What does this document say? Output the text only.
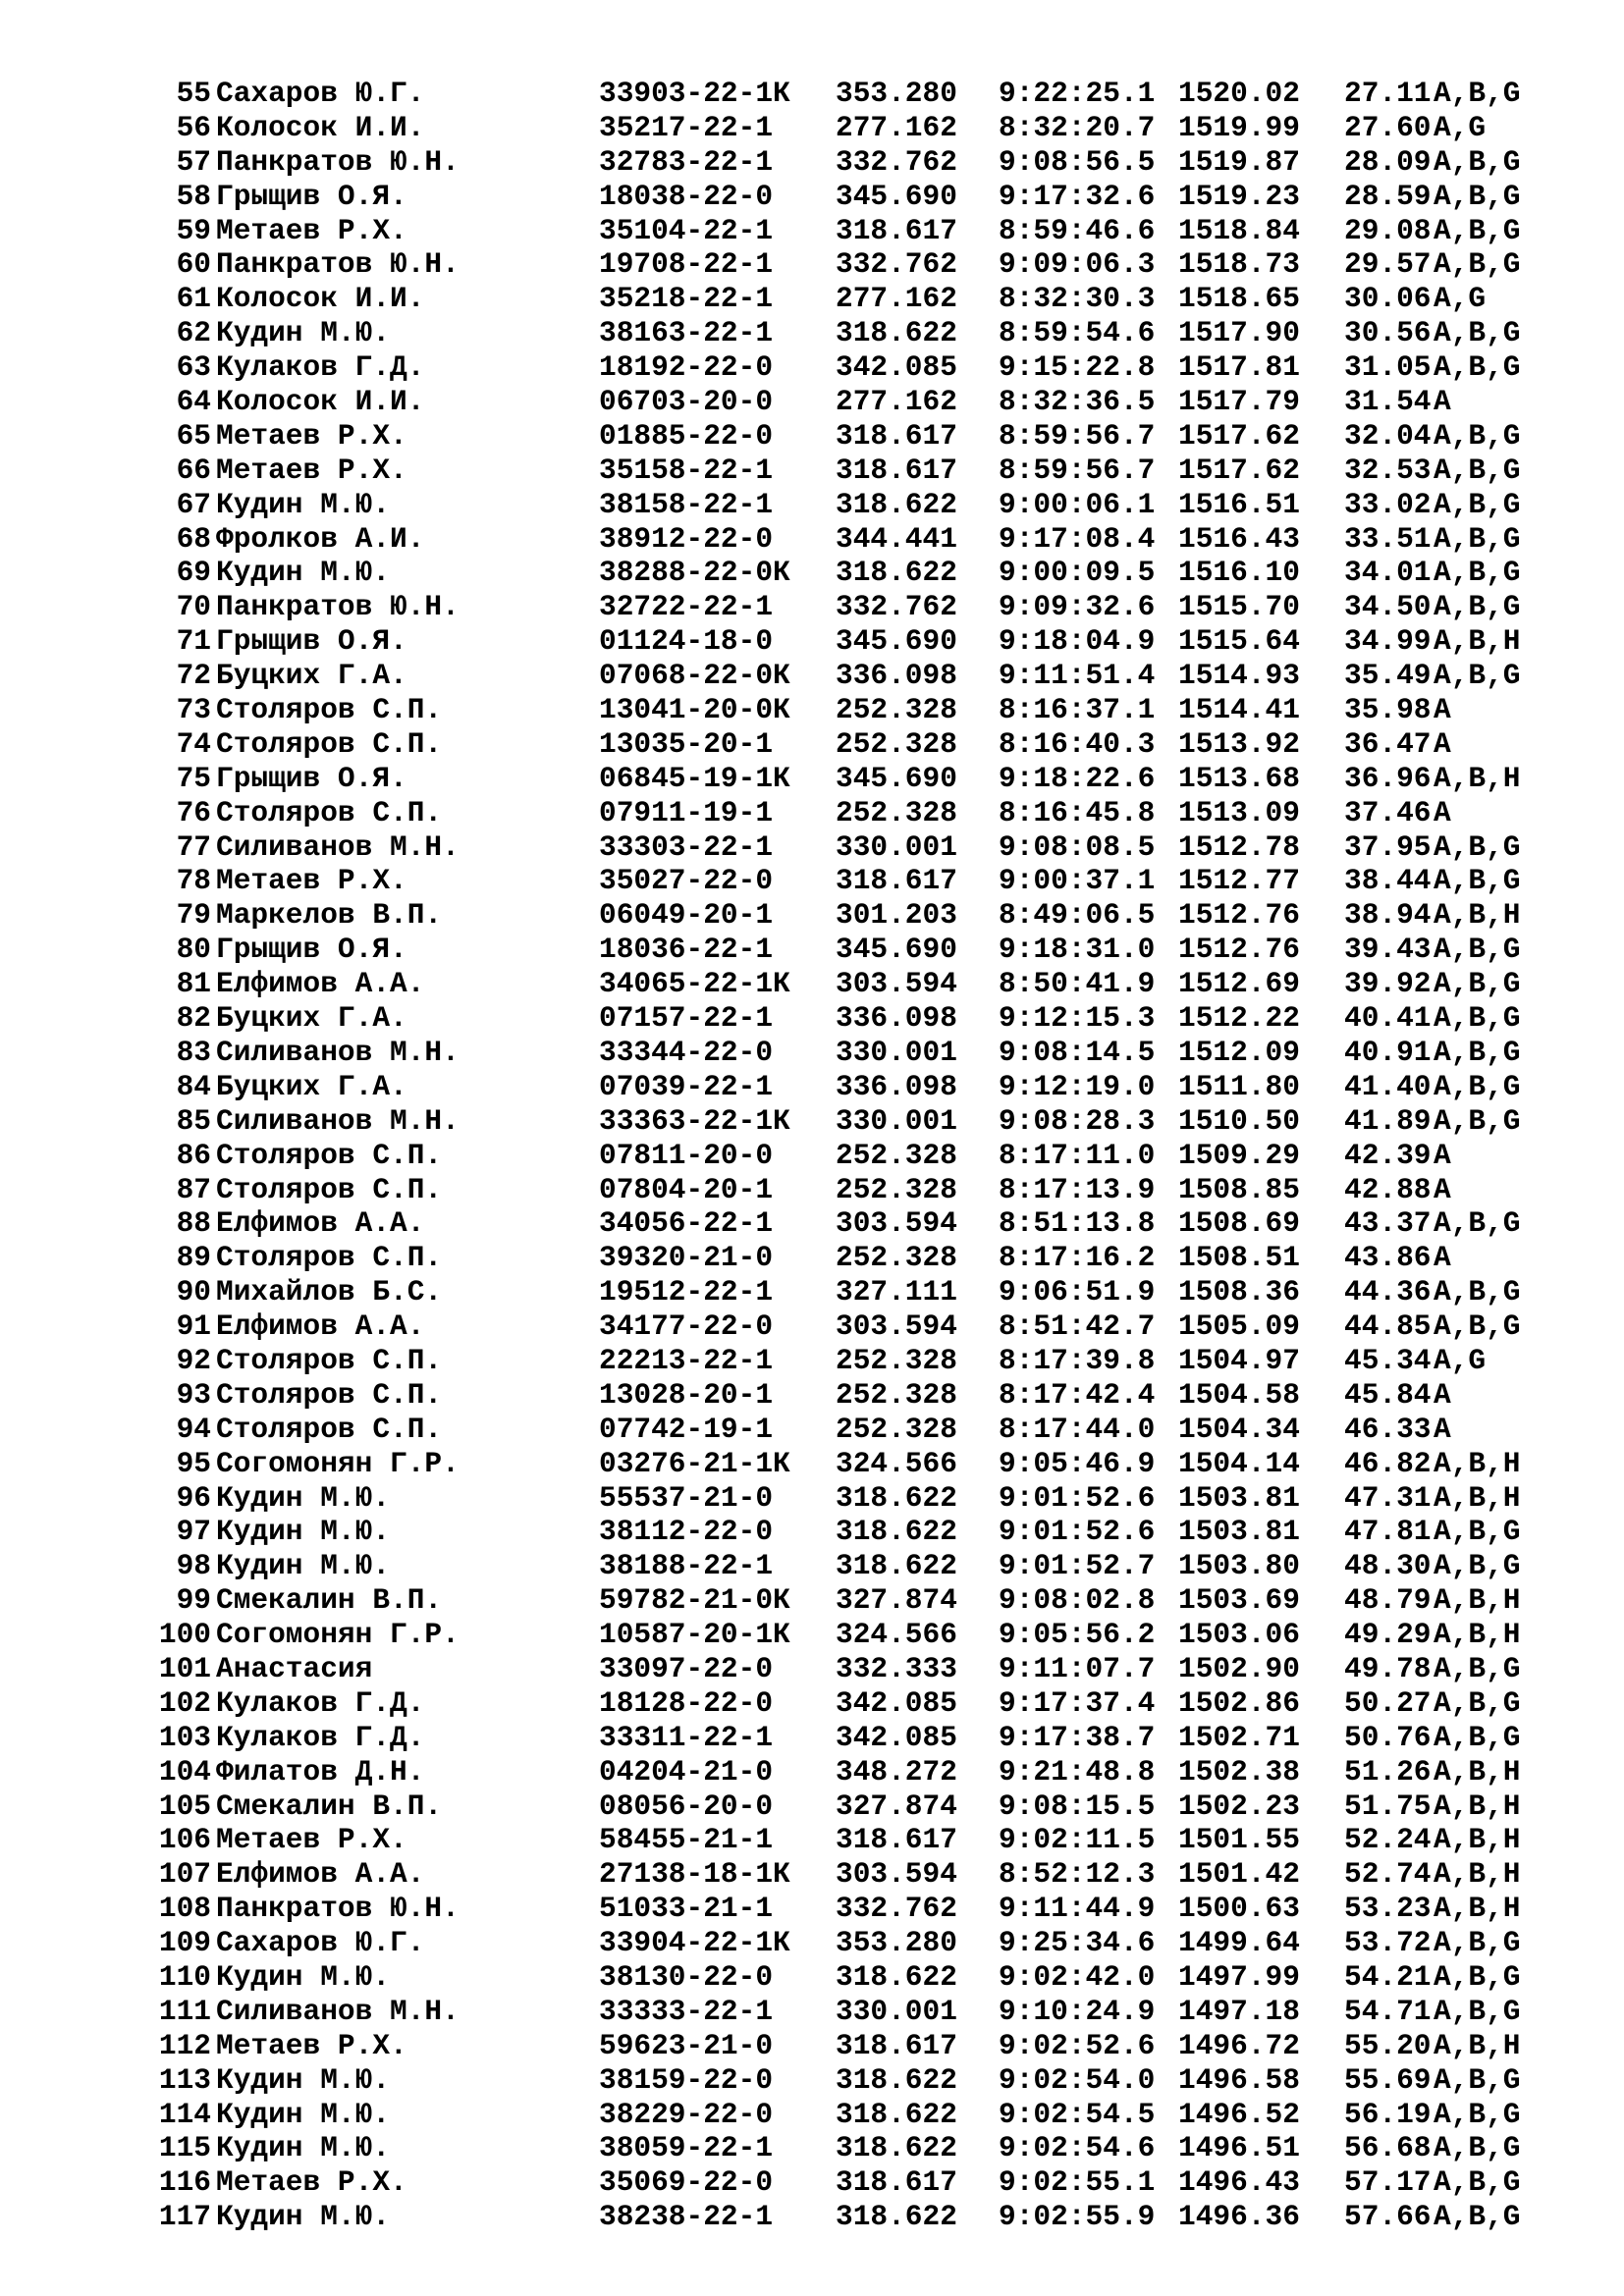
55 Сахаров Ю.Г.	33903-22-1К 353.280 9:22:25.1 1520.02 27.11 A,B,G
56 Колосок И.И.	35217-22-1 277.162 8:32:20.7 1519.99 27.60 A,G
57 Панкратов Ю.Н.	32783-22-1 332.762 9:08:56.5 1519.87 28.09 A,B,G
58 Грыщив О.Я.	18038-22-0 345.690 9:17:32.6 1519.23 28.59 A,B,G
59 Метаев Р.Х.	35104-22-1 318.617 8:59:46.6 1518.84 29.08 A,B,G
60 Панкратов Ю.Н.	19708-22-1 332.762 9:09:06.3 1518.73 29.57 A,B,G
61 Колосок И.И.	35218-22-1 277.162 8:32:30.3 1518.65 30.06 A,G
62 Кудин М.Ю.	38163-22-1 318.622 8:59:54.6 1517.90 30.56 A,B,G
63 Кулаков Г.Д.	18192-22-0 342.085 9:15:22.8 1517.81 31.05 A,B,G
64 Колосок И.И.	06703-20-0 277.162 8:32:36.5 1517.79 31.54 A
65 Метаев Р.Х.	01885-22-0 318.617 8:59:56.7 1517.62 32.04 A,B,G
66 Метаев Р.Х.	35158-22-1 318.617 8:59:56.7 1517.62 32.53 A,B,G
67 Кудин М.Ю.	38158-22-1 318.622 9:00:06.1 1516.51 33.02 A,B,G
68 Фролков А.И.	38912-22-0 344.441 9:17:08.4 1516.43 33.51 A,B,G
69 Кудин М.Ю.	38288-22-0К 318.622 9:00:09.5 1516.10 34.01 A,B,G
70 Панкратов Ю.Н.	32722-22-1 332.762 9:09:32.6 1515.70 34.50 A,B,G
71 Грыщив О.Я.	01124-18-0 345.690 9:18:04.9 1515.64 34.99 A,B,H
72 Буцких Г.А.	07068-22-0К 336.098 9:11:51.4 1514.93 35.49 A,B,G
73 Столяров С.П.	13041-20-0К 252.328 8:16:37.1 1514.41 35.98 A
74 Столяров С.П.	13035-20-1 252.328 8:16:40.3 1513.92 36.47 A
75 Грыщив О.Я.	06845-19-1К 345.690 9:18:22.6 1513.68 36.96 A,B,H
76 Столяров С.П.	07911-19-1 252.328 8:16:45.8 1513.09 37.46 A
77 Силиванов М.Н.	33303-22-1 330.001 9:08:08.5 1512.78 37.95 A,B,G
78 Метаев Р.Х.	35027-22-0 318.617 9:00:37.1 1512.77 38.44 A,B,G
79 Маркелов В.П.	06049-20-1 301.203 8:49:06.5 1512.76 38.94 A,B,H
80 Грыщив О.Я.	18036-22-1 345.690 9:18:31.0 1512.76 39.43 A,B,G
81 Елфимов А.А.	34065-22-1К 303.594 8:50:41.9 1512.69 39.92 A,B,G
82 Буцких Г.А.	07157-22-1 336.098 9:12:15.3 1512.22 40.41 A,B,G
83 Силиванов М.Н.	33344-22-0 330.001 9:08:14.5 1512.09 40.91 A,B,G
84 Буцких Г.А.	07039-22-1 336.098 9:12:19.0 1511.80 41.40 A,B,G
85 Силиванов М.Н.	33363-22-1К 330.001 9:08:28.3 1510.50 41.89 A,B,G
86 Столяров С.П.	07811-20-0 252.328 8:17:11.0 1509.29 42.39 A
87 Столяров С.П.	07804-20-1 252.328 8:17:13.9 1508.85 42.88 A
88 Елфимов А.А.	34056-22-1 303.594 8:51:13.8 1508.69 43.37 A,B,G
89 Столяров С.П.	39320-21-0 252.328 8:17:16.2 1508.51 43.86 A
90 Михайлов Б.С.	19512-22-1 327.111 9:06:51.9 1508.36 44.36 A,B,G
91 Елфимов А.А.	34177-22-0 303.594 8:51:42.7 1505.09 44.85 A,B,G
92 Столяров С.П.	22213-22-1 252.328 8:17:39.8 1504.97 45.34 A,G
93 Столяров С.П.	13028-20-1 252.328 8:17:42.4 1504.58 45.84 A
94 Столяров С.П.	07742-19-1 252.328 8:17:44.0 1504.34 46.33 A
95 Согомонян Г.Р.	03276-21-1К 324.566 9:05:46.9 1504.14 46.82 A,B,H
96 Кудин М.Ю.	55537-21-0 318.622 9:01:52.6 1503.81 47.31 A,B,H
97 Кудин М.Ю.	38112-22-0 318.622 9:01:52.6 1503.81 47.81 A,B,G
98 Кудин М.Ю.	38188-22-1 318.622 9:01:52.7 1503.80 48.30 A,B,G
99 Смекалин В.П.	59782-21-0К 327.874 9:08:02.8 1503.69 48.79 A,B,H
100 Согомонян Г.Р.	10587-20-1К 324.566 9:05:56.2 1503.06 49.29 A,B,H
101 Анастасия	33097-22-0 332.333 9:11:07.7 1502.90 49.78 A,B,G
102 Кулаков Г.Д.	18128-22-0 342.085 9:17:37.4 1502.86 50.27 A,B,G
103 Кулаков Г.Д.	33311-22-1 342.085 9:17:38.7 1502.71 50.76 A,B,G
104 Филатов Д.Н.	04204-21-0 348.272 9:21:48.8 1502.38 51.26 A,B,H
105 Смекалин В.П.	08056-20-0 327.874 9:08:15.5 1502.23 51.75 A,B,H
106 Метаев Р.Х.	58455-21-1 318.617 9:02:11.5 1501.55 52.24 A,B,H
107 Елфимов А.А.	27138-18-1К 303.594 8:52:12.3 1501.42 52.74 A,B,H
108 Панкратов Ю.Н.	51033-21-1 332.762 9:11:44.9 1500.63 53.23 A,B,H
109 Сахаров Ю.Г.	33904-22-1К 353.280 9:25:34.6 1499.64 53.72 A,B,G
110 Кудин М.Ю.	38130-22-0 318.622 9:02:42.0 1497.99 54.21 A,B,G
111 Силиванов М.Н.	33333-22-1 330.001 9:10:24.9 1497.18 54.71 A,B,G
112 Метаев Р.Х.	59623-21-0 318.617 9:02:52.6 1496.72 55.20 A,B,H
113 Кудин М.Ю.	38159-22-0 318.622 9:02:54.0 1496.58 55.69 A,B,G
114 Кудин М.Ю.	38229-22-0 318.622 9:02:54.5 1496.52 56.19 A,B,G
115 Кудин М.Ю.	38059-22-1 318.622 9:02:54.6 1496.51 56.68 A,B,G
116 Метаев Р.Х.	35069-22-0 318.617 9:02:55.1 1496.43 57.17 A,B,G
117 Кудин М.Ю.	38238-22-1 318.622 9:02:55.9 1496.36 57.66 A,B,G
